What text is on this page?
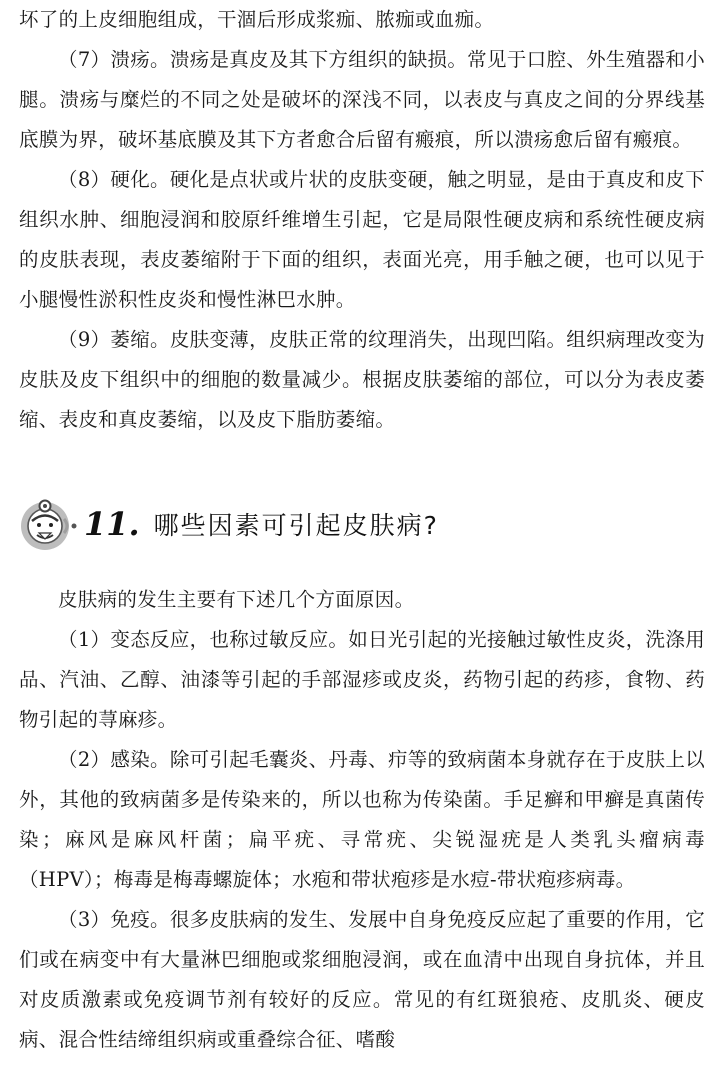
坏了的上皮细胞组成，干涸后形成浆痂、脓痂或血痂。

（7）溃疡。溃疡是真皮及其下方组织的缺损。常见于口腔、外生殖器和小腿。溃疡与糜烂的不同之处是破坏的深浅不同，以表皮与真皮之间的分界线基底膜为界，破坏基底膜及其下方者愈合后留有瘢痕，所以溃疡愈后留有瘢痕。

（8）硬化。硬化是点状或片状的皮肤变硬，触之明显，是由于真皮和皮下组织水肿、细胞浸润和胶原纤维增生引起，它是局限性硬皮病和系统性硬皮病的皮肤表现，表皮萎缩附于下面的组织，表面光亮，用手触之硬，也可以见于小腿慢性淤积性皮炎和慢性淋巴水肿。

（9）萎缩。皮肤变薄，皮肤正常的纹理消失，出现凹陷。组织病理改变为皮肤及皮下组织中的细胞的数量减少。根据皮肤萎缩的部位，可以分为表皮萎缩、表皮和真皮萎缩，以及皮下脂肪萎缩。

11. 哪些因素可引起皮肤病?

皮肤病的发生主要有下述几个方面原因。

（1）变态反应，也称过敏反应。如日光引起的光接触过敏性皮炎，洗涤用品、汽油、乙醇、油漆等引起的手部湿疹或皮炎，药物引起的药疹，食物、药物引起的荨麻疹。

（2）感染。除可引起毛囊炎、丹毒、疖等的致病菌本身就存在于皮肤上以外，其他的致病菌多是传染来的，所以也称为传染菌。手足癣和甲癣是真菌传染；麻风是麻风杆菌；扁平疣、寻常疣、尖锐湿疣是人类乳头瘤病毒（HPV）；梅毒是梅毒螺旋体；水疱和带状疱疹是水痘-带状疱疹病毒。

（3）免疫。很多皮肤病的发生、发展中自身免疫反应起了重要的作用，它们或在病变中有大量淋巴细胞或浆细胞浸润，或在血清中出现自身抗体，并且对皮质激素或免疫调节剂有较好的反应。常见的有红斑狼疮、皮肌炎、硬皮病、混合性结缔组织病或重叠综合征、嗜酸
